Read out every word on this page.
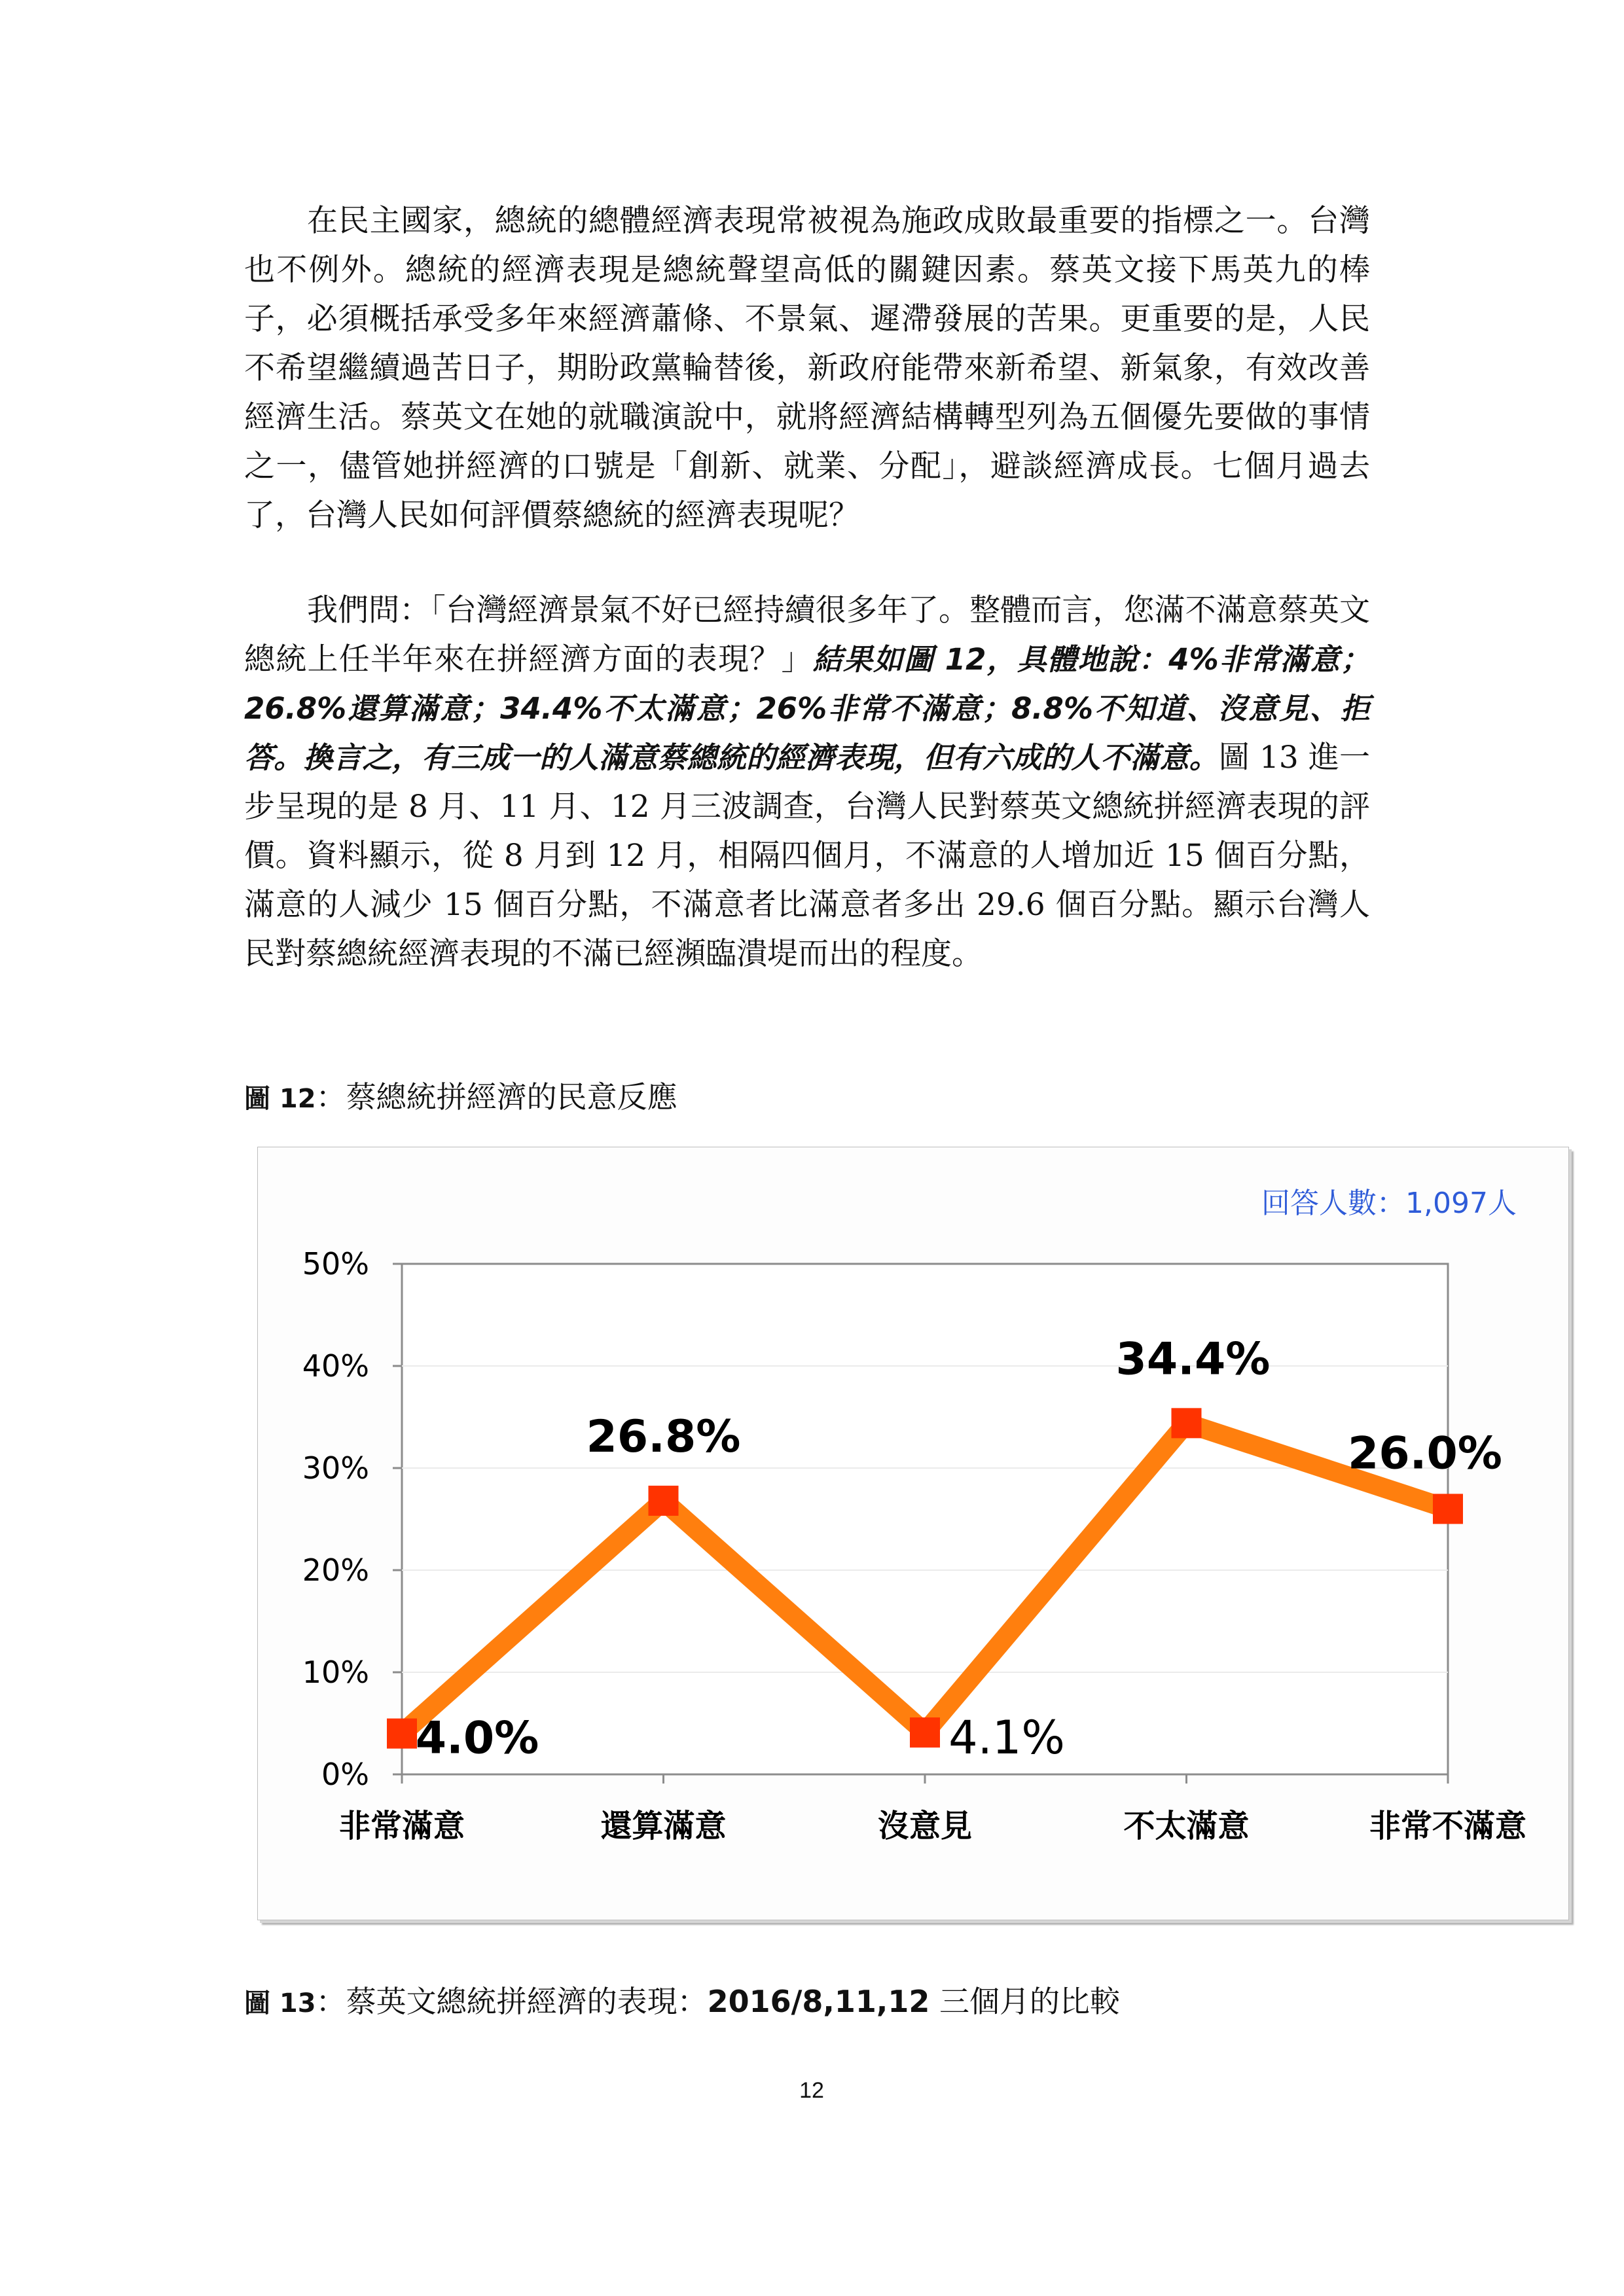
在民主國家，總統的總體經濟表現常被視為施政成敗最重要的指標之一。台灣也不例外。總統的經濟表現是總統聲望高低的關鍵因素。蔡英文接下馬英九的棒子，必須概括承受多年來經濟蕭條、不景氣、遲滯發展的苦果。更重要的是，人民不希望繼續過苦日子，期盼政黨輪替後，新政府能帶來新希望、新氣象，有效改善經濟生活。蔡英文在她的就職演說中，就將經濟結構轉型列為五個優先要做的事情之一，儘管她拼經濟的口號是「創新、就業、分配」，避談經濟成長。七個月過去了，台灣人民如何評價蔡總統的經濟表現呢？

我們問：「台灣經濟景氣不好已經持續很多年了。整體而言，您滿不滿意蔡英文總統上任半年來在拼經濟方面的表現？」結果如圖 12，具體地說：4%非常滿意；26.8%還算滿意；34.4%不太滿意；26%非常不滿意；8.8%不知道、沒意見、拒答。換言之，有三成一的人滿意蔡總統的經濟表現，但有六成的人不滿意。圖 13 進一步呈現的是 8 月、11 月、12 月三波調查，台灣人民對蔡英文總統拼經濟表現的評價。資料顯示，從 8 月到 12 月，相隔四個月，不滿意的人增加近 15 個百分點，滿意的人減少 15 個百分點，不滿意者比滿意者多出 29.6 個百分點。顯示台灣人民對蔡總統經濟表現的不滿已經瀕臨潰堤而出的程度。

圖 12：蔡總統拼經濟的民意反應

0%
10%
20%
30%
40%
50%
非常滿意	還算滿意	沒意見	不太滿意	非常不滿意
4.0%
26.8%
4.1%
34.4%
26.0%
回答人數：1,097人

圖 13：蔡英文總統拼經濟的表現：2016/8,11,12 三個月的比較

12
